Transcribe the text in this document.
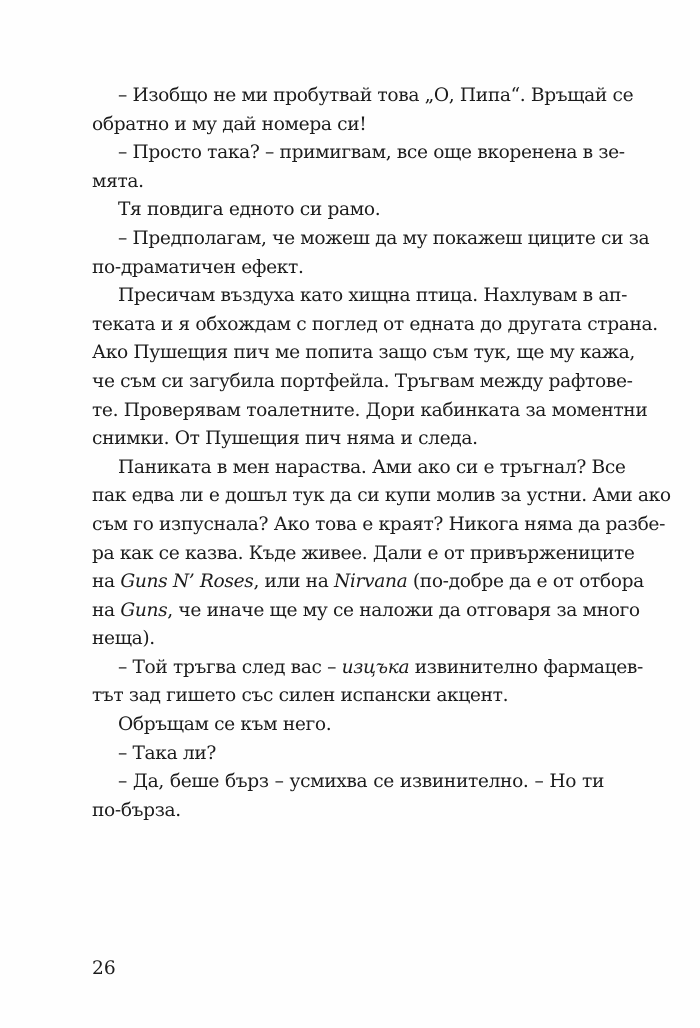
– Изобщо не ми пробутвай това „О, Пипа“. Връщай се
обратно и му дай номера си!
– Просто така? – примигвам, все още вкоренена в зе-
мята.
Тя повдига едното си рамо.
– Предполагам, че можеш да му покажеш циците си за
по-драматичен ефект.
Пресичам въздуха като хищна птица. Нахлувам в ап-
теката и я обхождам с поглед от едната до другата страна.
Ако Пушещия пич ме попита защо съм тук, ще му кажа,
че съм си загубила портфейла. Тръгвам между рафтове-
те. Проверявам тоалетните. Дори кабинката за моментни
снимки. От Пушещия пич няма и следа.
Паниката в мен нараства. Ами ако си е тръгнал? Все
пак едва ли е дошъл тук да си купи молив за устни. Ами ако
съм го изпуснала? Ако това е краят? Никога няма да разбе-
ра как се казва. Къде живее. Дали е от привържениците
на Guns N’ Roses, или на Nirvana (по-добре да е от отбора
на Guns, че иначе ще му се наложи да отговаря за много
неща).
– Той тръгва след вас – изцъка извинително фармацев-
тът зад гишето със силен испански акцент.
Обръщам се към него.
– Така ли?
– Да, беше бърз – усмихва се извинително. – Но ти
по-бърза.
26
